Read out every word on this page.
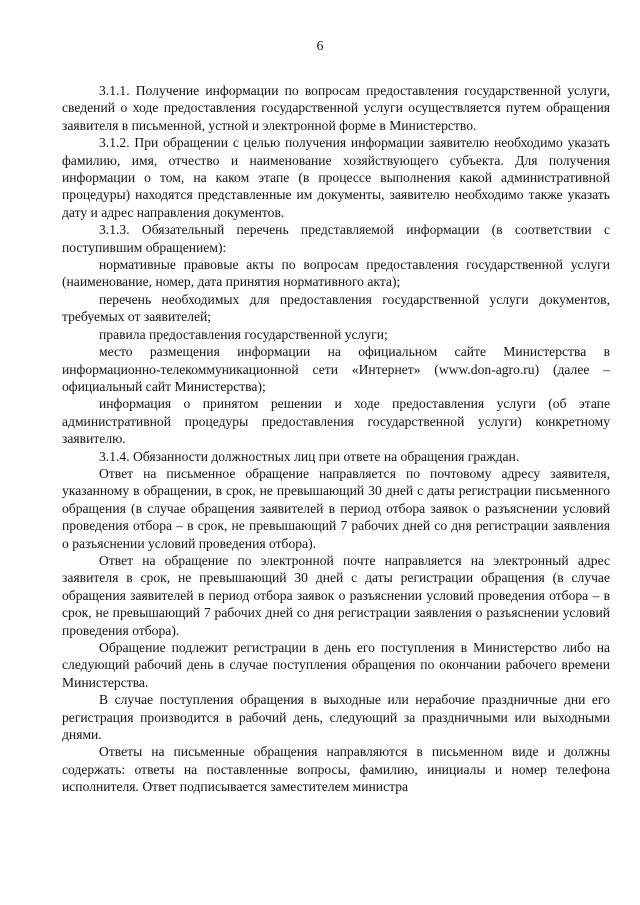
6

3.1.1. Получение информации по вопросам предоставления государственной услуги, сведений о ходе предоставления государственной услуги осуществляется путем обращения заявителя в письменной, устной и электронной форме в Министерство.

3.1.2. При обращении с целью получения информации заявителю необходимо указать фамилию, имя, отчество и наименование хозяйствующего субъекта. Для получения информации о том, на каком этапе (в процессе выполнения какой административной процедуры) находятся представленные им документы, заявителю необходимо также указать дату и адрес направления документов.

3.1.3. Обязательный перечень представляемой информации (в соответствии с поступившим обращением):

нормативные правовые акты по вопросам предоставления государственной услуги (наименование, номер, дата принятия нормативного акта);

перечень необходимых для предоставления государственной услуги документов, требуемых от заявителей;

правила предоставления государственной услуги;

место размещения информации на официальном сайте Министерства в информационно-телекоммуникационной сети «Интернет» (www.don-agro.ru) (далее – официальный сайт Министерства);

информация о принятом решении и ходе предоставления услуги (об этапе административной процедуры предоставления государственной услуги) конкретному заявителю.

3.1.4. Обязанности должностных лиц при ответе на обращения граждан.

Ответ на письменное обращение направляется по почтовому адресу заявителя, указанному в обращении, в срок, не превышающий 30 дней с даты регистрации письменного обращения (в случае обращения заявителей в период отбора заявок о разъяснении условий проведения отбора – в срок, не превышающий 7 рабочих дней со дня регистрации заявления о разъяснении условий проведения отбора).

Ответ на обращение по электронной почте направляется на электронный адрес заявителя в срок, не превышающий 30 дней с даты регистрации обращения (в случае обращения заявителей в период отбора заявок о разъяснении условий проведения отбора – в срок, не превышающий 7 рабочих дней со дня регистрации заявления о разъяснении условий проведения отбора).

Обращение подлежит регистрации в день его поступления в Министерство либо на следующий рабочий день в случае поступления обращения по окончании рабочего времени Министерства.

В случае поступления обращения в выходные или нерабочие праздничные дни его регистрация производится в рабочий день, следующий за праздничными или выходными днями.

Ответы на письменные обращения направляются в письменном виде и должны содержать: ответы на поставленные вопросы, фамилию, инициалы и номер телефона исполнителя. Ответ подписывается заместителем министра
